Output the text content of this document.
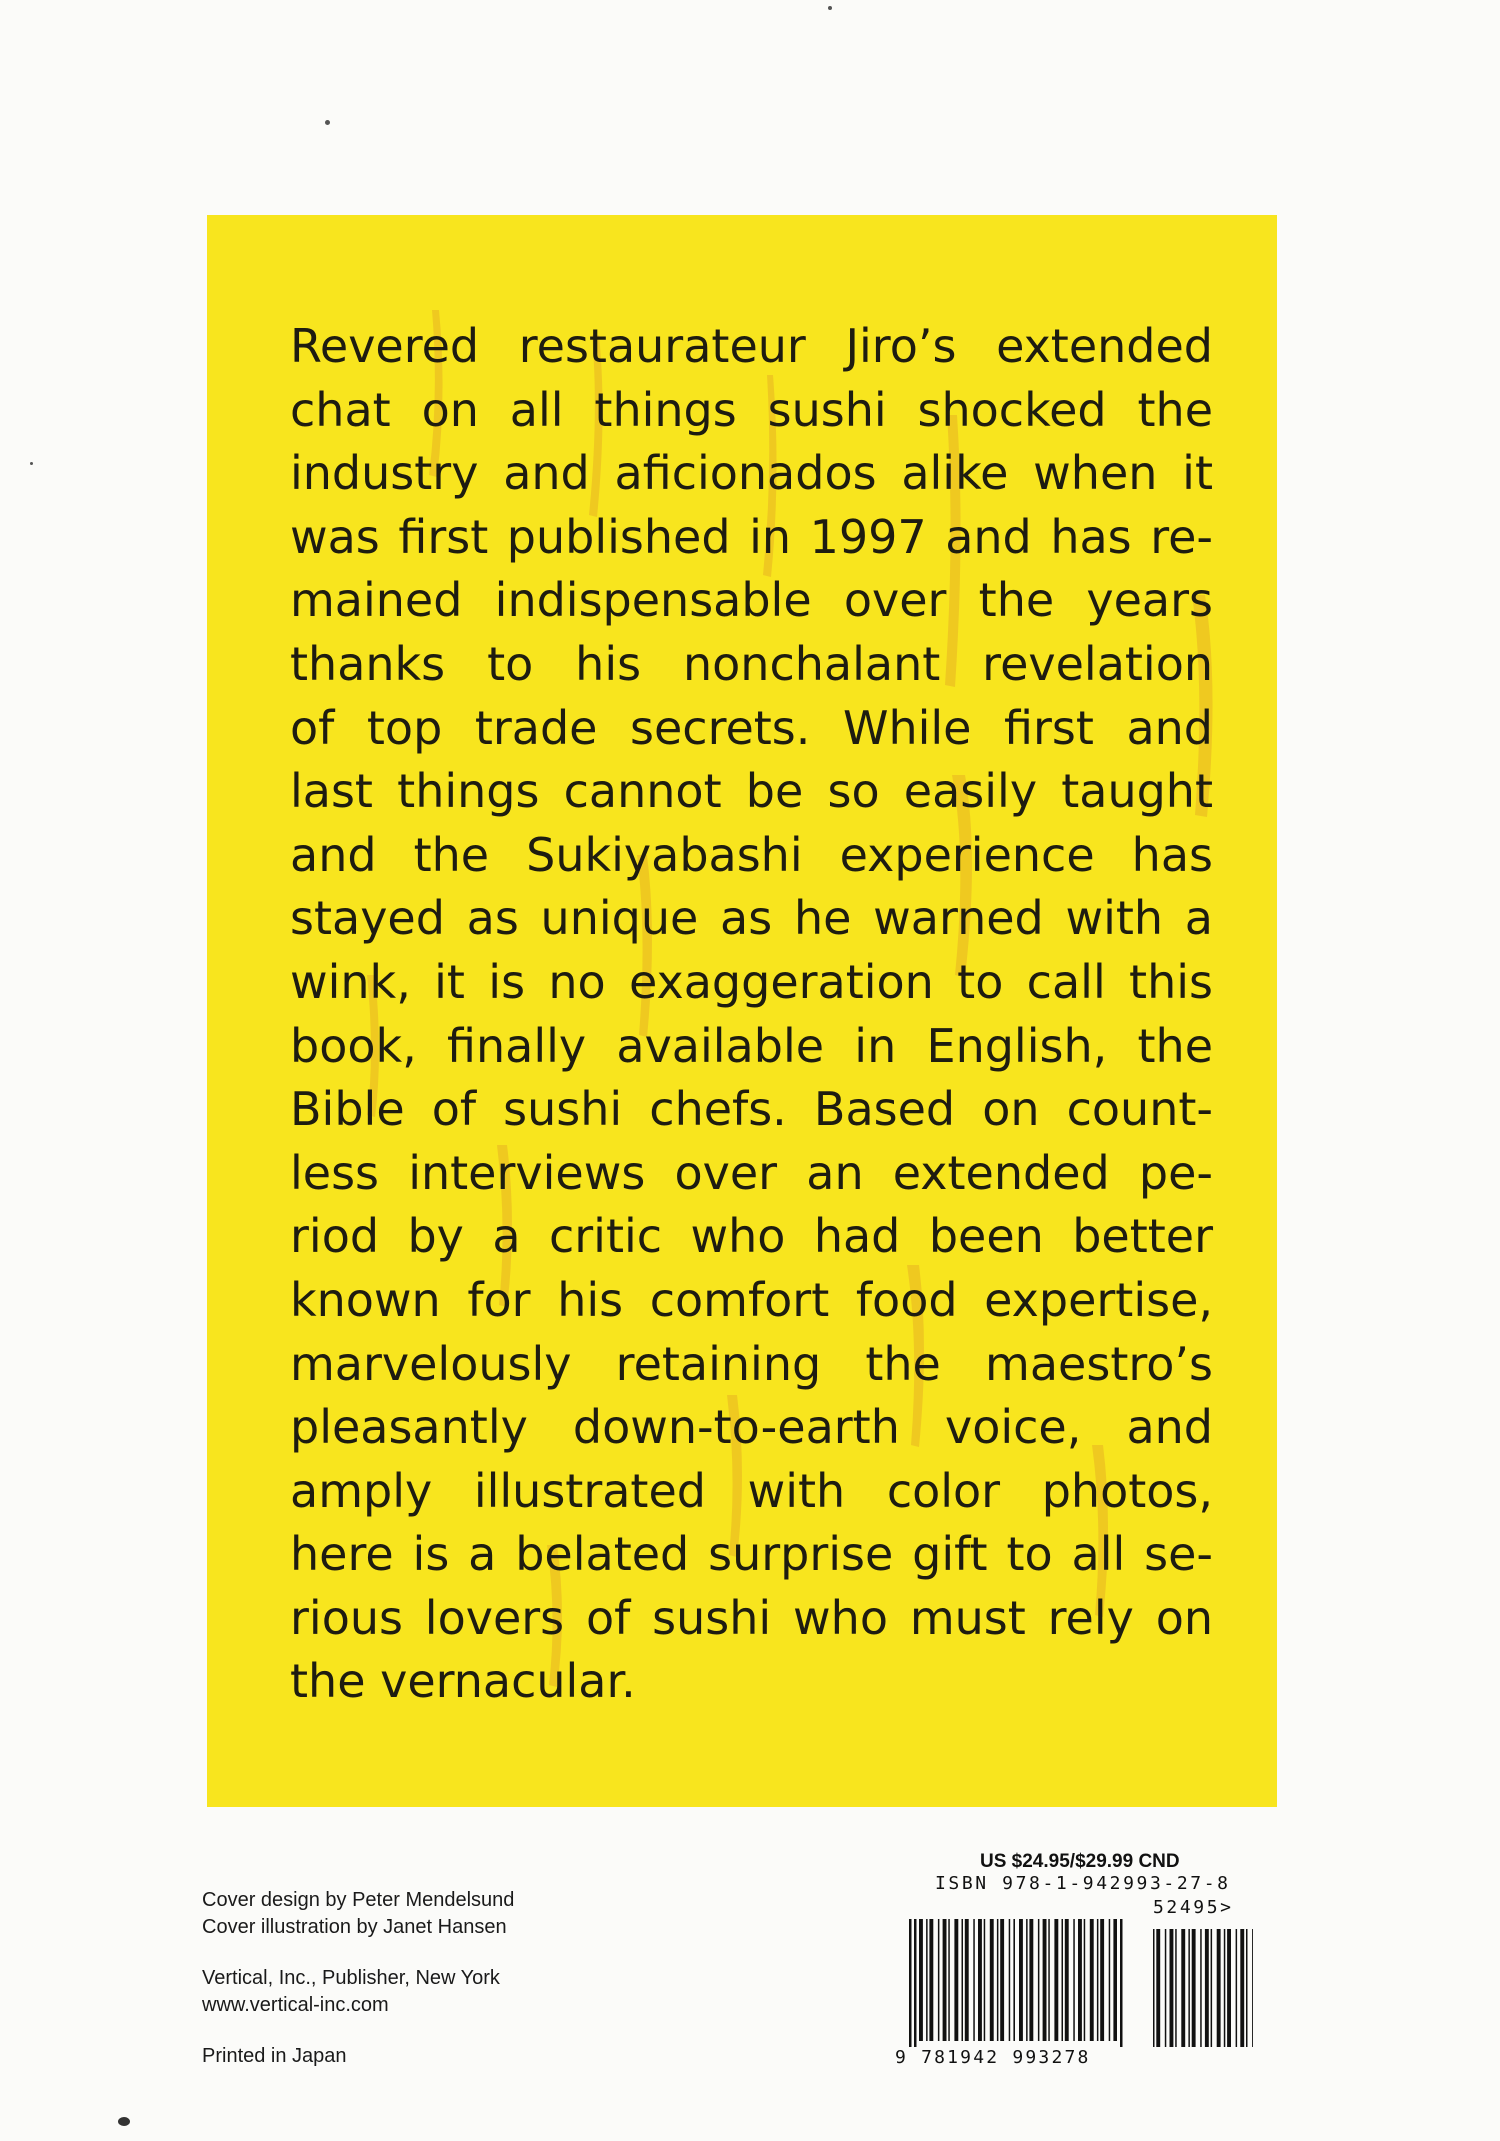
Revered restaurateur Jiro’s extended
chat on all things sushi shocked the
industry and aficionados alike when it
was first published in 1997 and has re-
mained indispensable over the years
thanks to his nonchalant revelation
of top trade secrets. While first and
last things cannot be so easily taught
and the Sukiyabashi experience has
stayed as unique as he warned with a
wink, it is no exaggeration to call this
book, finally available in English, the
Bible of sushi chefs. Based on count-
less interviews over an extended pe-
riod by a critic who had been better
known for his comfort food expertise,
marvelously retaining the maestro’s
pleasantly down-to-earth voice, and
amply illustrated with color photos,
here is a belated surprise gift to all se-
rious lovers of sushi who must rely on
the vernacular.
Cover design by Peter Mendelsund
Cover illustration by Janet Hansen
Vertical, Inc., Publisher, New York
www.vertical-inc.com
Printed in Japan
US $24.95/$29.99 CND
ISBN 978-1-942993-27-8
52495>
9 781942 993278
